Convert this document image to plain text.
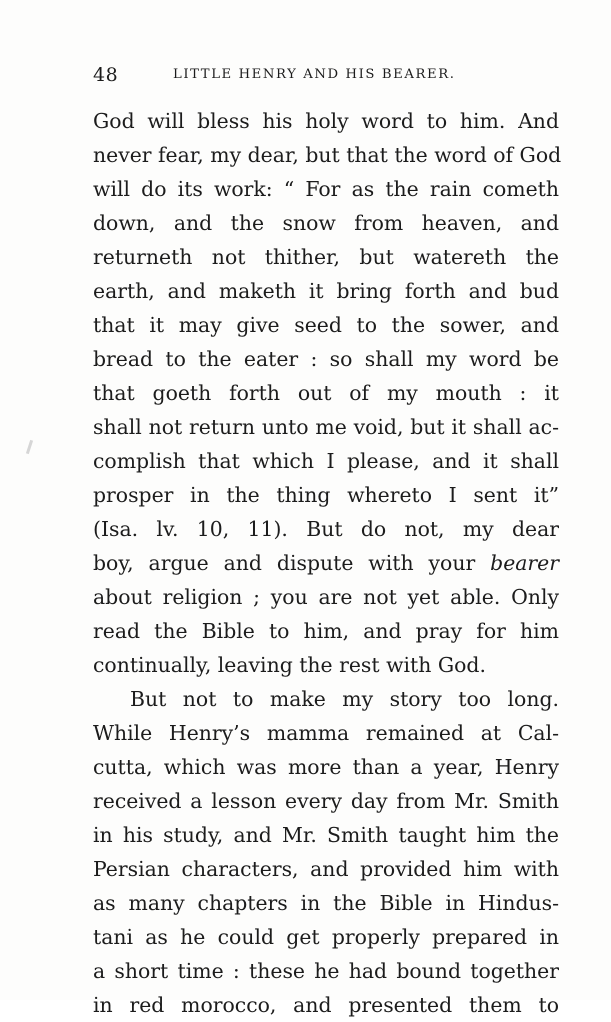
48	LITTLE HENRY AND HIS BEARER.
God will bless his holy word to him. And
never fear, my dear, but that the word of God
will do its work: “ For as the rain cometh
down, and the snow from heaven, and
returneth not thither, but watereth the
earth, and maketh it bring forth and bud
that it may give seed to the sower, and
bread to the eater : so shall my word be
that goeth forth out of my mouth : it
shall not return unto me void, but it shall ac-
complish that which I please, and it shall
prosper in the thing whereto I sent it”
(Isa. lv. 10, 11). But do not, my dear
boy, argue and dispute with your bearer
about religion ; you are not yet able. Only
read the Bible to him, and pray for him
continually, leaving the rest with God.
But not to make my story too long.
While Henry’s mamma remained at Cal-
cutta, which was more than a year, Henry
received a lesson every day from Mr. Smith
in his study, and Mr. Smith taught him the
Persian characters, and provided him with
as many chapters in the Bible in Hindus-
tani as he could get properly prepared in
a short time : these he had bound together
in red morocco, and presented them to
